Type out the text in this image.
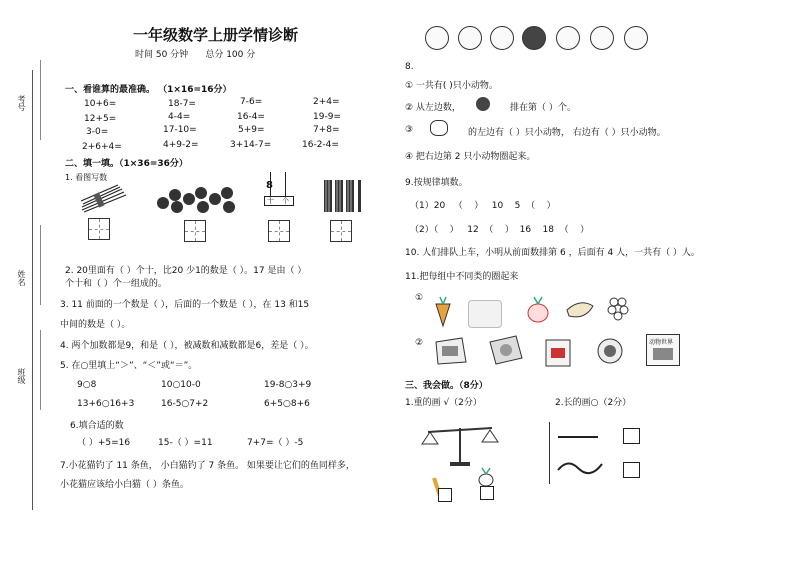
考号
姓名
班级
一年级数学上册学情诊断
时间 50 分钟      总分 100 分
一、看谁算的最准确。 （1×16=16分）
10+6=	18-7=	7-6=	2+4=
12+5=	4-4=	16-4=	19-9=
3-0=	17-10=	5+9=	7+8=
2+6+4=	4+9-2=	3+14-7=	16-2-4=
二、填一填。（1×36=36分）
1. 看图写数
8
十 个
2. 20里面有（ ）个十，比20 少1的数是（ ）。17 是由（ ）
个十和（ ）个一组成的。
3. 11 前面的一个数是（ ），后面的一个数是（ ），在 13 和15
中间的数是（ ）。
4. 两个加数都是9，和是（ ），被减数和减数都是6，差是（ ）。
5. 在○里填上“＞”、“＜”或“＝”。
9○8	10○10-0	19-8○3+9
13+6○16+3	16-5○7+2	6+5○8+6
6.填合适的数
（ ）+5=16	15-（ ）=11	7+7=（ ）-5
7.小花猫钓了 11 条鱼， 小白猫钓了 7 条鱼。 如果要让它们的鱼同样多，
小花猫应该给小白猫（ ）条鱼。
8.
① 一共有( )只小动物。
② 从左边数，	排在第（ ）个。
③	的左边有（ ）只小动物， 右边有（ ）只小动物。
④ 把右边第 2 只小动物圈起来。
9.按规律填数。
（1）20   （    ）   10    5  （    ）
（2）（    ）   12  （    ）  16    18  （    ）
10. 人们排队上车，小明从前面数排第 6 ，后面有 4 人，一共有（ ）人。
11.把每组中不同类的圈起来
①
②	动物世界
三、我会做。（8分）
1.重的画 √（2分）	2.长的画○（2分）
